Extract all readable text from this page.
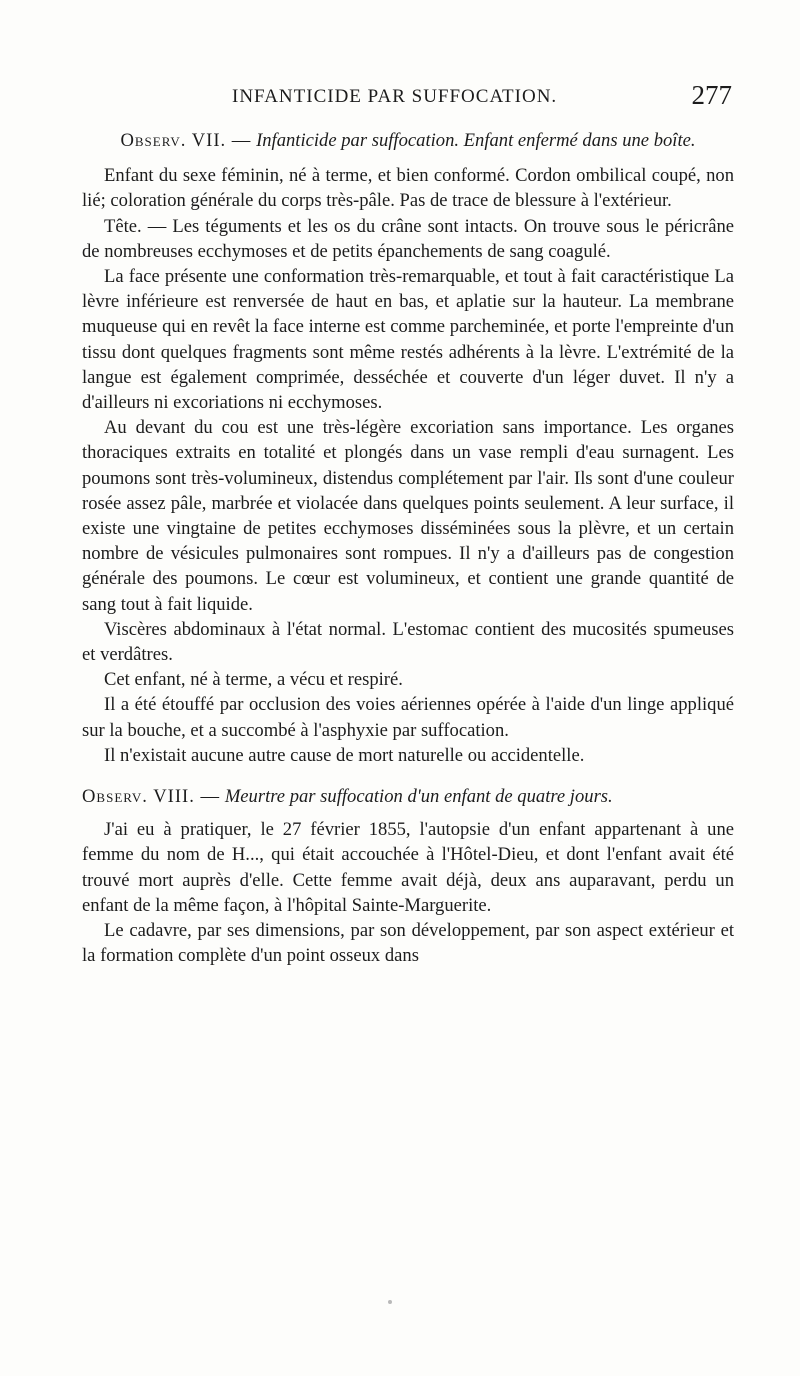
INFANTICIDE PAR SUFFOCATION.	277
Observ. VII. — Infanticide par suffocation. Enfant enfermé dans une boîte.

Enfant du sexe féminin, né à terme, et bien conformé. Cordon ombilical coupé, non lié; coloration générale du corps très-pâle. Pas de trace de blessure à l'extérieur.

Tête. — Les téguments et les os du crâne sont intacts. On trouve sous le péricrâne de nombreuses ecchymoses et de petits épanchements de sang coagulé.

La face présente une conformation très-remarquable, et tout à fait caractéristique La lèvre inférieure est renversée de haut en bas, et aplatie sur la hauteur. La membrane muqueuse qui en revêt la face interne est comme parcheminée, et porte l'empreinte d'un tissu dont quelques fragments sont même restés adhérents à la lèvre. L'extrémité de la langue est également comprimée, desséchée et couverte d'un léger duvet. Il n'y a d'ailleurs ni excoriations ni ecchymoses.

Au devant du cou est une très-légère excoriation sans importance. Les organes thoraciques extraits en totalité et plongés dans un vase rempli d'eau surnagent. Les poumons sont très-volumineux, distendus complétement par l'air. Ils sont d'une couleur rosée assez pâle, marbrée et violacée dans quelques points seulement. A leur surface, il existe une vingtaine de petites ecchymoses disséminées sous la plèvre, et un certain nombre de vésicules pulmonaires sont rompues. Il n'y a d'ailleurs pas de congestion générale des poumons. Le cœur est volumineux, et contient une grande quantité de sang tout à fait liquide.

Viscères abdominaux à l'état normal. L'estomac contient des mucosités spumeuses et verdâtres.

Cet enfant, né à terme, a vécu et respiré.

Il a été étouffé par occlusion des voies aériennes opérée à l'aide d'un linge appliqué sur la bouche, et a succombé à l'asphyxie par suffocation.

Il n'existait aucune autre cause de mort naturelle ou accidentelle.

Observ. VIII. — Meurtre par suffocation d'un enfant de quatre jours.

J'ai eu à pratiquer, le 27 février 1855, l'autopsie d'un enfant appartenant à une femme du nom de H..., qui était accouchée à l'Hôtel-Dieu, et dont l'enfant avait été trouvé mort auprès d'elle. Cette femme avait déjà, deux ans auparavant, perdu un enfant de la même façon, à l'hôpital Sainte-Marguerite.

Le cadavre, par ses dimensions, par son développement, par son aspect extérieur et la formation complète d'un point osseux dans
